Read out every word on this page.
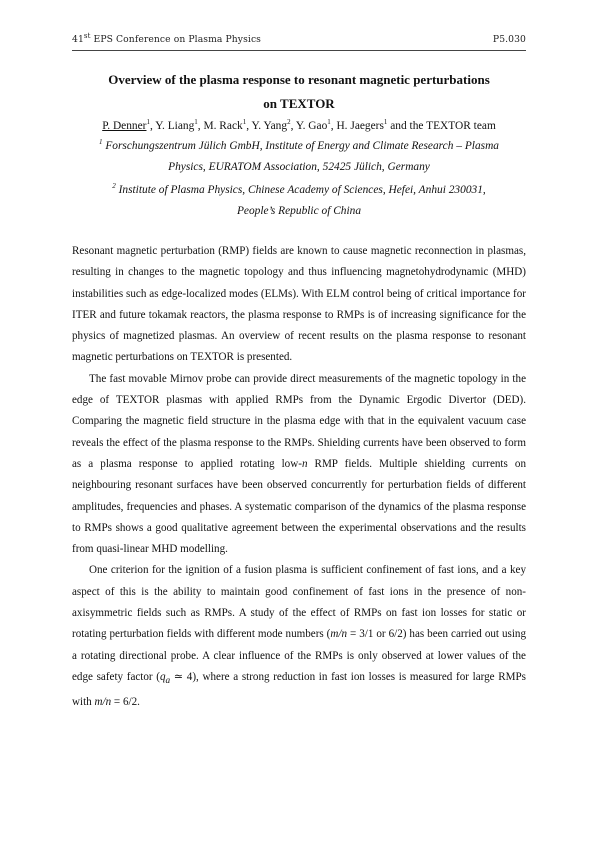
41st EPS Conference on Plasma Physics	P5.030
Overview of the plasma response to resonant magnetic perturbations
on TEXTOR
P. Denner$^1$, Y. Liang$^1$, M. Rack$^1$, Y. Yang$^2$, Y. Gao$^1$, H. Jaegers$^1$ and the TEXTOR team
$^1$ Forschungszentrum Jülich GmbH, Institute of Energy and Climate Research – Plasma
Physics, EURATOM Association, 52425 Jülich, Germany
$^2$ Institute of Plasma Physics, Chinese Academy of Sciences, Hefei, Anhui 230031,
People’s Republic of China

Resonant magnetic perturbation (RMP) fields are known to cause magnetic reconnection in plasmas, resulting in changes to the magnetic topology and thus influencing magnetohydrodynamic (MHD) instabilities such as edge-localized modes (ELMs). With ELM control being of critical importance for ITER and future tokamak reactors, the plasma response to RMPs is of increasing significance for the physics of magnetized plasmas. An overview of recent results on the plasma response to resonant magnetic perturbations on TEXTOR is presented.

The fast movable Mirnov probe can provide direct measurements of the magnetic topology in the edge of TEXTOR plasmas with applied RMPs from the Dynamic Ergodic Divertor (DED). Comparing the magnetic field structure in the plasma edge with that in the equivalent vacuum case reveals the effect of the plasma response to the RMPs. Shielding currents have been observed to form as a plasma response to applied rotating low-n RMP fields. Multiple shielding currents on neighbouring resonant surfaces have been observed concurrently for perturbation fields of different amplitudes, frequencies and phases. A systematic comparison of the dynamics of the plasma response to RMPs shows a good qualitative agreement between the experimental observations and the results from quasi-linear MHD modelling.

One criterion for the ignition of a fusion plasma is sufficient confinement of fast ions, and a key aspect of this is the ability to maintain good confinement of fast ions in the presence of non-axisymmetric fields such as RMPs. A study of the effect of RMPs on fast ion losses for static or rotating perturbation fields with different mode numbers (m/n = 3/1 or 6/2) has been carried out using a rotating directional probe. A clear influence of the RMPs is only observed at lower values of the edge safety factor ($q_a$ ≃ 4), where a strong reduction in fast ion losses is measured for large RMPs with m/n = 6/2.
